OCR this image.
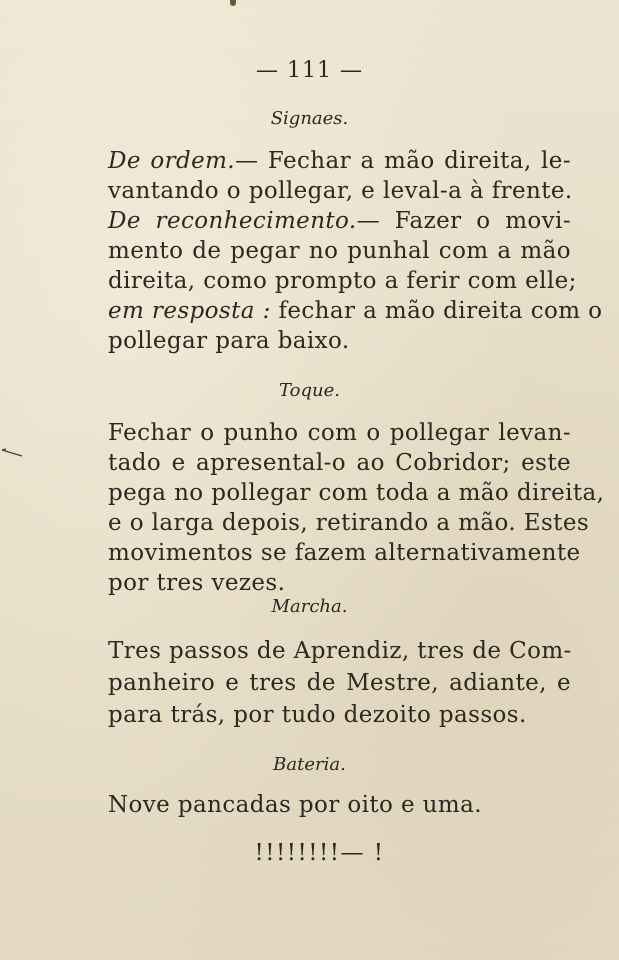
— 111 —
Signaes.
De ordem.— Fechar a mão direita, le-
vantando o pollegar, e leval-a à frente.
De reconhecimento.— Fazer o movi-
mento de pegar no punhal com a mão
direita, como prompto a ferir com elle;
em resposta : fechar a mão direita com o
pollegar para baixo.
Toque.
Fechar o punho com o pollegar levan-
tado e apresental-o ao Cobridor; este
pega no pollegar com toda a mão direita,
e o larga depois, retirando a mão. Estes
movimentos se fazem alternativamente
por tres vezes.
Marcha.
Tres passos de Aprendiz, tres de Com-
panheiro e tres de Mestre, adiante, e
para trás, por tudo dezoito passos.
Bateria.
Nove pancadas por oito e uma.
!!!!!!!!— !
